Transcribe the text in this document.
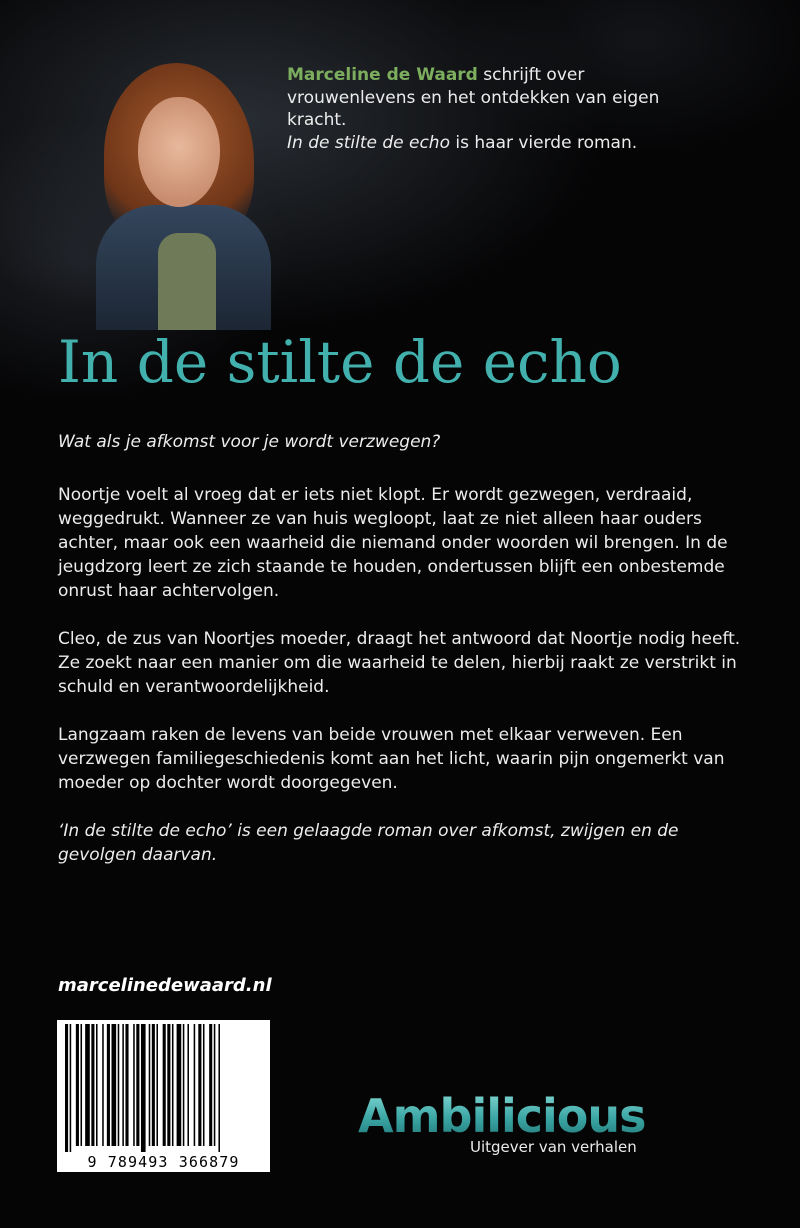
Marceline de Waard schrijft over vrouwenlevens en het ontdekken van eigen kracht.
In de stilte de echo is haar vierde roman.
In de stilte de echo
Wat als je afkomst voor je wordt verzwegen?

Noortje voelt al vroeg dat er iets niet klopt. Er wordt gezwegen, verdraaid, weggedrukt. Wanneer ze van huis wegloopt, laat ze niet alleen haar ouders achter, maar ook een waarheid die niemand onder woorden wil brengen. In de jeugdzorg leert ze zich staande te houden, ondertussen blijft een onbestemde onrust haar achtervolgen.

Cleo, de zus van Noortjes moeder, draagt het antwoord dat Noortje nodig heeft. Ze zoekt naar een manier om die waarheid te delen, hierbij raakt ze verstrikt in schuld en verantwoordelijkheid.

Langzaam raken de levens van beide vrouwen met elkaar verweven. Een verzwegen familiegeschiedenis komt aan het licht, waarin pijn ongemerkt van moeder op dochter wordt doorgegeven.

‘In de stilte de echo’ is een gelaagde roman over afkomst, zwijgen en de gevolgen daarvan.

marcelinedewaard.nl
9 789493 366879
Ambilicious
Uitgever van verhalen
